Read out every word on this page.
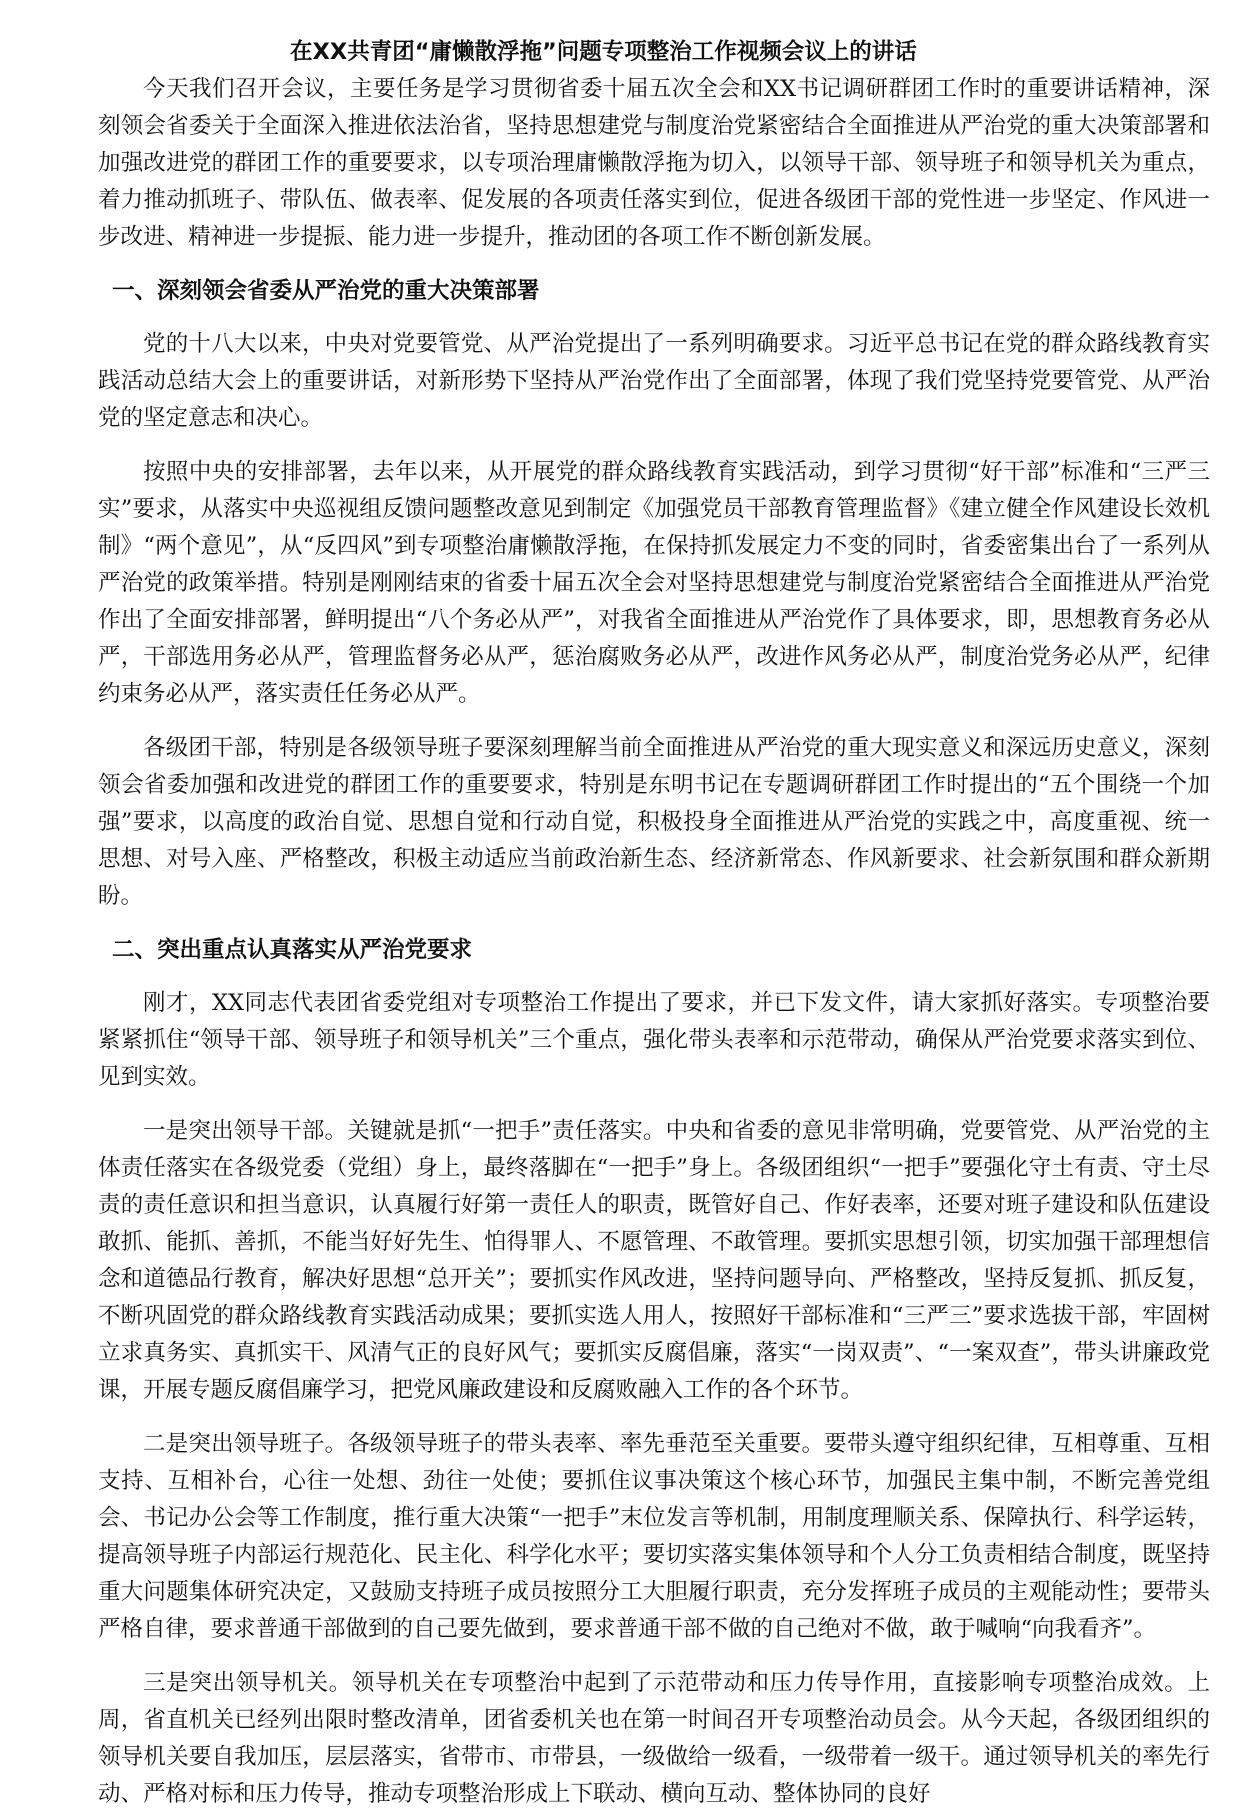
在XX共青团“庸懒散浮拖”问题专项整治工作视频会议上的讲话

今天我们召开会议，主要任务是学习贯彻省委十届五次全会和XX书记调研群团工作时的重要讲话精神，深刻领会省委关于全面深入推进依法治省，坚持思想建党与制度治党紧密结合全面推进从严治党的重大决策部署和加强改进党的群团工作的重要要求，以专项治理庸懒散浮拖为切入，以领导干部、领导班子和领导机关为重点，着力推动抓班子、带队伍、做表率、促发展的各项责任落实到位，促进各级团干部的党性进一步坚定、作风进一步改进、精神进一步提振、能力进一步提升，推动团的各项工作不断创新发展。

一、深刻领会省委从严治党的重大决策部署

党的十八大以来，中央对党要管党、从严治党提出了一系列明确要求。习近平总书记在党的群众路线教育实践活动总结大会上的重要讲话，对新形势下坚持从严治党作出了全面部署，体现了我们党坚持党要管党、从严治党的坚定意志和决心。

按照中央的安排部署，去年以来，从开展党的群众路线教育实践活动，到学习贯彻“好干部”标准和“三严三实”要求，从落实中央巡视组反馈问题整改意见到制定《加强党员干部教育管理监督》《建立健全作风建设长效机制》“两个意见”，从“反四风”到专项整治庸懒散浮拖，在保持抓发展定力不变的同时，省委密集出台了一系列从严治党的政策举措。特别是刚刚结束的省委十届五次全会对坚持思想建党与制度治党紧密结合全面推进从严治党作出了全面安排部署，鲜明提出“八个务必从严”，对我省全面推进从严治党作了具体要求，即，思想教育务必从严，干部选用务必从严，管理监督务必从严，惩治腐败务必从严，改进作风务必从严，制度治党务必从严，纪律约束务必从严，落实责任任务必从严。

各级团干部，特别是各级领导班子要深刻理解当前全面推进从严治党的重大现实意义和深远历史意义，深刻领会省委加强和改进党的群团工作的重要要求，特别是东明书记在专题调研群团工作时提出的“五个围绕一个加强”要求，以高度的政治自觉、思想自觉和行动自觉，积极投身全面推进从严治党的实践之中，高度重视、统一思想、对号入座、严格整改，积极主动适应当前政治新生态、经济新常态、作风新要求、社会新氛围和群众新期盼。

二、突出重点认真落实从严治党要求

刚才，XX同志代表团省委党组对专项整治工作提出了要求，并已下发文件，请大家抓好落实。专项整治要紧紧抓住“领导干部、领导班子和领导机关”三个重点，强化带头表率和示范带动，确保从严治党要求落实到位、见到实效。

一是突出领导干部。关键就是抓“一把手”责任落实。中央和省委的意见非常明确，党要管党、从严治党的主体责任落实在各级党委（党组）身上，最终落脚在“一把手”身上。各级团组织“一把手”要强化守土有责、守土尽责的责任意识和担当意识，认真履行好第一责任人的职责，既管好自己、作好表率，还要对班子建设和队伍建设敢抓、能抓、善抓，不能当好好先生、怕得罪人、不愿管理、不敢管理。要抓实思想引领，切实加强干部理想信念和道德品行教育，解决好思想“总开关”；要抓实作风改进，坚持问题导向、严格整改，坚持反复抓、抓反复，不断巩固党的群众路线教育实践活动成果；要抓实选人用人，按照好干部标准和“三严三”要求选拔干部，牢固树立求真务实、真抓实干、风清气正的良好风气；要抓实反腐倡廉，落实“一岗双责”、“一案双查”，带头讲廉政党课，开展专题反腐倡廉学习，把党风廉政建设和反腐败融入工作的各个环节。

二是突出领导班子。各级领导班子的带头表率、率先垂范至关重要。要带头遵守组织纪律，互相尊重、互相支持、互相补台，心往一处想、劲往一处使；要抓住议事决策这个核心环节，加强民主集中制，不断完善党组会、书记办公会等工作制度，推行重大决策“一把手”末位发言等机制，用制度理顺关系、保障执行、科学运转，提高领导班子内部运行规范化、民主化、科学化水平；要切实落实集体领导和个人分工负责相结合制度，既坚持重大问题集体研究决定，又鼓励支持班子成员按照分工大胆履行职责，充分发挥班子成员的主观能动性；要带头严格自律，要求普通干部做到的自己要先做到，要求普通干部不做的自己绝对不做，敢于喊响“向我看齐”。

三是突出领导机关。领导机关在专项整治中起到了示范带动和压力传导作用，直接影响专项整治成效。上周，省直机关已经列出限时整改清单，团省委机关也在第一时间召开专项整治动员会。从今天起，各级团组织的领导机关要自我加压，层层落实，省带市、市带县，一级做给一级看，一级带着一级干。通过领导机关的率先行动、严格对标和压力传导，推动专项整治形成上下联动、横向互动、整体协同的良好
